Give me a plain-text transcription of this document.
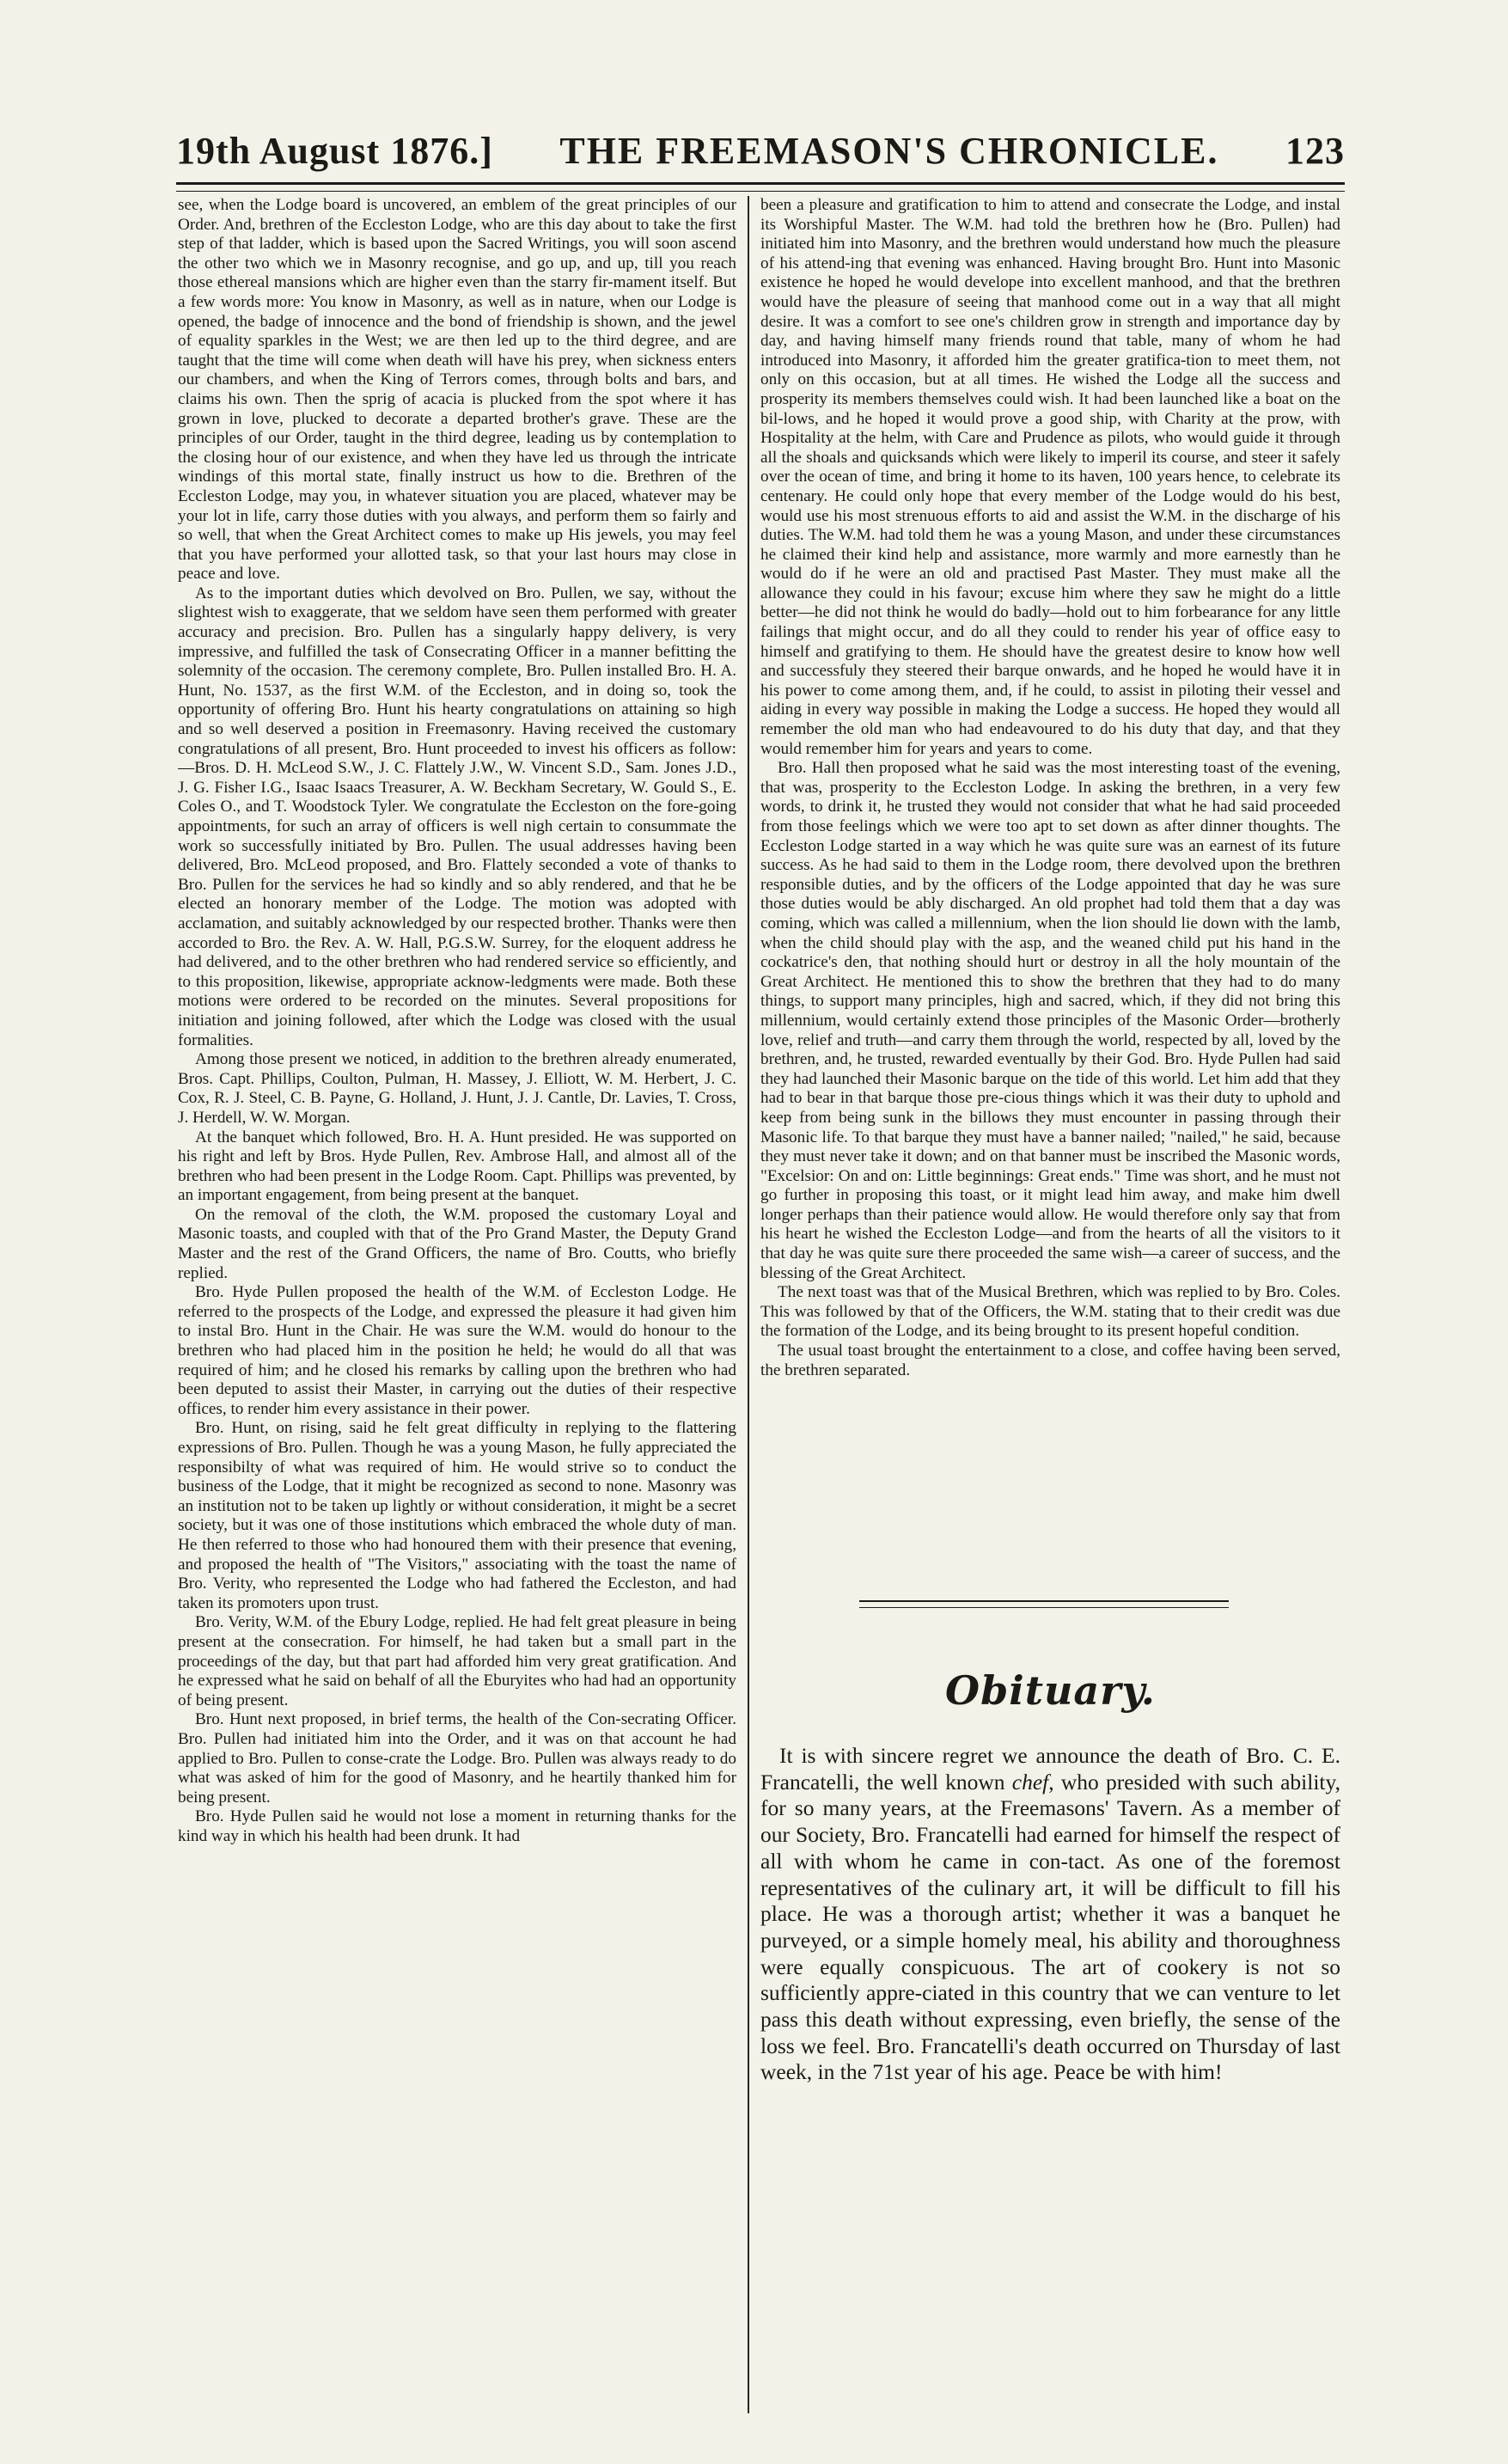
19th August 1876.] THE FREEMASON'S CHRONICLE. 123

see, when the Lodge board is uncovered, an emblem of the great principles of our Order. And, brethren of the Eccleston Lodge, who are this day about to take the first step of that ladder, which is based upon the Sacred Writings, you will soon ascend the other two which we in Masonry recognise, and go up, and up, till you reach those ethereal mansions which are higher even than the starry fir-mament itself. But a few words more: You know in Masonry, as well as in nature, when our Lodge is opened, the badge of innocence and the bond of friendship is shown, and the jewel of equality sparkles in the West; we are then led up to the third degree, and are taught that the time will come when death will have his prey, when sickness enters our chambers, and when the King of Terrors comes, through bolts and bars, and claims his own. Then the sprig of acacia is plucked from the spot where it has grown in love, plucked to decorate a departed brother's grave. These are the principles of our Order, taught in the third degree, leading us by contemplation to the closing hour of our existence, and when they have led us through the intricate windings of this mortal state, finally instruct us how to die. Brethren of the Eccleston Lodge, may you, in whatever situation you are placed, whatever may be your lot in life, carry those duties with you always, and perform them so fairly and so well, that when the Great Architect comes to make up His jewels, you may feel that you have performed your allotted task, so that your last hours may close in peace and love.

As to the important duties which devolved on Bro. Pullen, we say, without the slightest wish to exaggerate, that we seldom have seen them performed with greater accuracy and precision. Bro. Pullen has a singularly happy delivery, is very impressive, and fulfilled the task of Consecrating Officer in a manner befitting the solemnity of the occasion. The ceremony complete, Bro. Pullen installed Bro. H. A. Hunt, No. 1537, as the first W.M. of the Eccleston, and in doing so, took the opportunity of offering Bro. Hunt his hearty congratulations on attaining so high and so well deserved a position in Freemasonry. Having received the customary congratulations of all present, Bro. Hunt proceeded to invest his officers as follow:—Bros. D. H. McLeod S.W., J. C. Flattely J.W., W. Vincent S.D., Sam. Jones J.D., J. G. Fisher I.G., Isaac Isaacs Treasurer, A. W. Beckham Secretary, W. Gould S., E. Coles O., and T. Woodstock Tyler. We congratulate the Eccleston on the fore-going appointments, for such an array of officers is well nigh certain to consummate the work so successfully initiated by Bro. Pullen. The usual addresses having been delivered, Bro. McLeod proposed, and Bro. Flattely seconded a vote of thanks to Bro. Pullen for the services he had so kindly and so ably rendered, and that he be elected an honorary member of the Lodge. The motion was adopted with acclamation, and suitably acknowledged by our respected brother. Thanks were then accorded to Bro. the Rev. A. W. Hall, P.G.S.W. Surrey, for the eloquent address he had delivered, and to the other brethren who had rendered service so efficiently, and to this proposition, likewise, appropriate acknow-ledgments were made. Both these motions were ordered to be recorded on the minutes. Several propositions for initiation and joining followed, after which the Lodge was closed with the usual formalities.

Among those present we noticed, in addition to the brethren already enumerated, Bros. Capt. Phillips, Coulton, Pulman, H. Massey, J. Elliott, W. M. Herbert, J. C. Cox, R. J. Steel, C. B. Payne, G. Holland, J. Hunt, J. J. Cantle, Dr. Lavies, T. Cross, J. Herdell, W. W. Morgan.

At the banquet which followed, Bro. H. A. Hunt presided. He was supported on his right and left by Bros. Hyde Pullen, Rev. Ambrose Hall, and almost all of the brethren who had been present in the Lodge Room. Capt. Phillips was prevented, by an important engagement, from being present at the banquet.

On the removal of the cloth, the W.M. proposed the customary Loyal and Masonic toasts, and coupled with that of the Pro Grand Master, the Deputy Grand Master and the rest of the Grand Officers, the name of Bro. Coutts, who briefly replied.

Bro. Hyde Pullen proposed the health of the W.M. of Eccleston Lodge. He referred to the prospects of the Lodge, and expressed the pleasure it had given him to instal Bro. Hunt in the Chair. He was sure the W.M. would do honour to the brethren who had placed him in the position he held; he would do all that was required of him; and he closed his remarks by calling upon the brethren who had been deputed to assist their Master, in carrying out the duties of their respective offices, to render him every assistance in their power.

Bro. Hunt, on rising, said he felt great difficulty in replying to the flattering expressions of Bro. Pullen. Though he was a young Mason, he fully appreciated the responsibilty of what was required of him. He would strive so to conduct the business of the Lodge, that it might be recognized as second to none. Masonry was an institution not to be taken up lightly or without consideration, it might be a secret society, but it was one of those institutions which embraced the whole duty of man. He then referred to those who had honoured them with their presence that evening, and proposed the health of "The Visitors," associating with the toast the name of Bro. Verity, who represented the Lodge who had fathered the Eccleston, and had taken its promoters upon trust.

Bro. Verity, W.M. of the Ebury Lodge, replied. He had felt great pleasure in being present at the consecration. For himself, he had taken but a small part in the proceedings of the day, but that part had afforded him very great gratification. And he expressed what he said on behalf of all the Eburyites who had had an opportunity of being present.

Bro. Hunt next proposed, in brief terms, the health of the Con-secrating Officer. Bro. Pullen had initiated him into the Order, and it was on that account he had applied to Bro. Pullen to conse-crate the Lodge. Bro. Pullen was always ready to do what was asked of him for the good of Masonry, and he heartily thanked him for being present.

Bro. Hyde Pullen said he would not lose a moment in returning thanks for the kind way in which his health had been drunk. It had

been a pleasure and gratification to him to attend and consecrate the Lodge, and instal its Worshipful Master. The W.M. had told the brethren how he (Bro. Pullen) had initiated him into Masonry, and the brethren would understand how much the pleasure of his attend-ing that evening was enhanced. Having brought Bro. Hunt into Masonic existence he hoped he would develope into excellent manhood, and that the brethren would have the pleasure of seeing that manhood come out in a way that all might desire. It was a comfort to see one's children grow in strength and importance day by day, and having himself many friends round that table, many of whom he had introduced into Masonry, it afforded him the greater gratifica-tion to meet them, not only on this occasion, but at all times. He wished the Lodge all the success and prosperity its members themselves could wish. It had been launched like a boat on the bil-lows, and he hoped it would prove a good ship, with Charity at the prow, with Hospitality at the helm, with Care and Prudence as pilots, who would guide it through all the shoals and quicksands which were likely to imperil its course, and steer it safely over the ocean of time, and bring it home to its haven, 100 years hence, to celebrate its centenary. He could only hope that every member of the Lodge would do his best, would use his most strenuous efforts to aid and assist the W.M. in the discharge of his duties. The W.M. had told them he was a young Mason, and under these circumstances he claimed their kind help and assistance, more warmly and more earnestly than he would do if he were an old and practised Past Master. They must make all the allowance they could in his favour; excuse him where they saw he might do a little better—he did not think he would do badly—hold out to him forbearance for any little failings that might occur, and do all they could to render his year of office easy to himself and gratifying to them. He should have the greatest desire to know how well and successfuly they steered their barque onwards, and he hoped he would have it in his power to come among them, and, if he could, to assist in piloting their vessel and aiding in every way possible in making the Lodge a success. He hoped they would all remember the old man who had endeavoured to do his duty that day, and that they would remember him for years and years to come.

Bro. Hall then proposed what he said was the most interesting toast of the evening, that was, prosperity to the Eccleston Lodge. In asking the brethren, in a very few words, to drink it, he trusted they would not consider that what he had said proceeded from those feelings which we were too apt to set down as after dinner thoughts. The Eccleston Lodge started in a way which he was quite sure was an earnest of its future success. As he had said to them in the Lodge room, there devolved upon the brethren responsible duties, and by the officers of the Lodge appointed that day he was sure those duties would be ably discharged. An old prophet had told them that a day was coming, which was called a millennium, when the lion should lie down with the lamb, when the child should play with the asp, and the weaned child put his hand in the cockatrice's den, that nothing should hurt or destroy in all the holy mountain of the Great Architect. He mentioned this to show the brethren that they had to do many things, to support many principles, high and sacred, which, if they did not bring this millennium, would certainly extend those principles of the Masonic Order—brotherly love, relief and truth—and carry them through the world, respected by all, loved by the brethren, and, he trusted, rewarded eventually by their God. Bro. Hyde Pullen had said they had launched their Masonic barque on the tide of this world. Let him add that they had to bear in that barque those pre-cious things which it was their duty to uphold and keep from being sunk in the billows they must encounter in passing through their Masonic life. To that barque they must have a banner nailed; "nailed," he said, because they must never take it down; and on that banner must be inscribed the Masonic words, "Excelsior: On and on: Little beginnings: Great ends." Time was short, and he must not go further in proposing this toast, or it might lead him away, and make him dwell longer perhaps than their patience would allow. He would therefore only say that from his heart he wished the Eccleston Lodge—and from the hearts of all the visitors to it that day he was quite sure there proceeded the same wish—a career of success, and the blessing of the Great Architect.

The next toast was that of the Musical Brethren, which was replied to by Bro. Coles. This was followed by that of the Officers, the W.M. stating that to their credit was due the formation of the Lodge, and its being brought to its present hopeful condition.

The usual toast brought the entertainment to a close, and coffee having been served, the brethren separated.

Obituary.

It is with sincere regret we announce the death of Bro. C. E. Francatelli, the well known chef, who presided with such ability, for so many years, at the Freemasons' Tavern. As a member of our Society, Bro. Francatelli had earned for himself the respect of all with whom he came in con-tact. As one of the foremost representatives of the culinary art, it will be difficult to fill his place. He was a thorough artist; whether it was a banquet he purveyed, or a simple homely meal, his ability and thoroughness were equally conspicuous. The art of cookery is not so sufficiently appre-ciated in this country that we can venture to let pass this death without expressing, even briefly, the sense of the loss we feel. Bro. Francatelli's death occurred on Thursday of last week, in the 71st year of his age. Peace be with him!
